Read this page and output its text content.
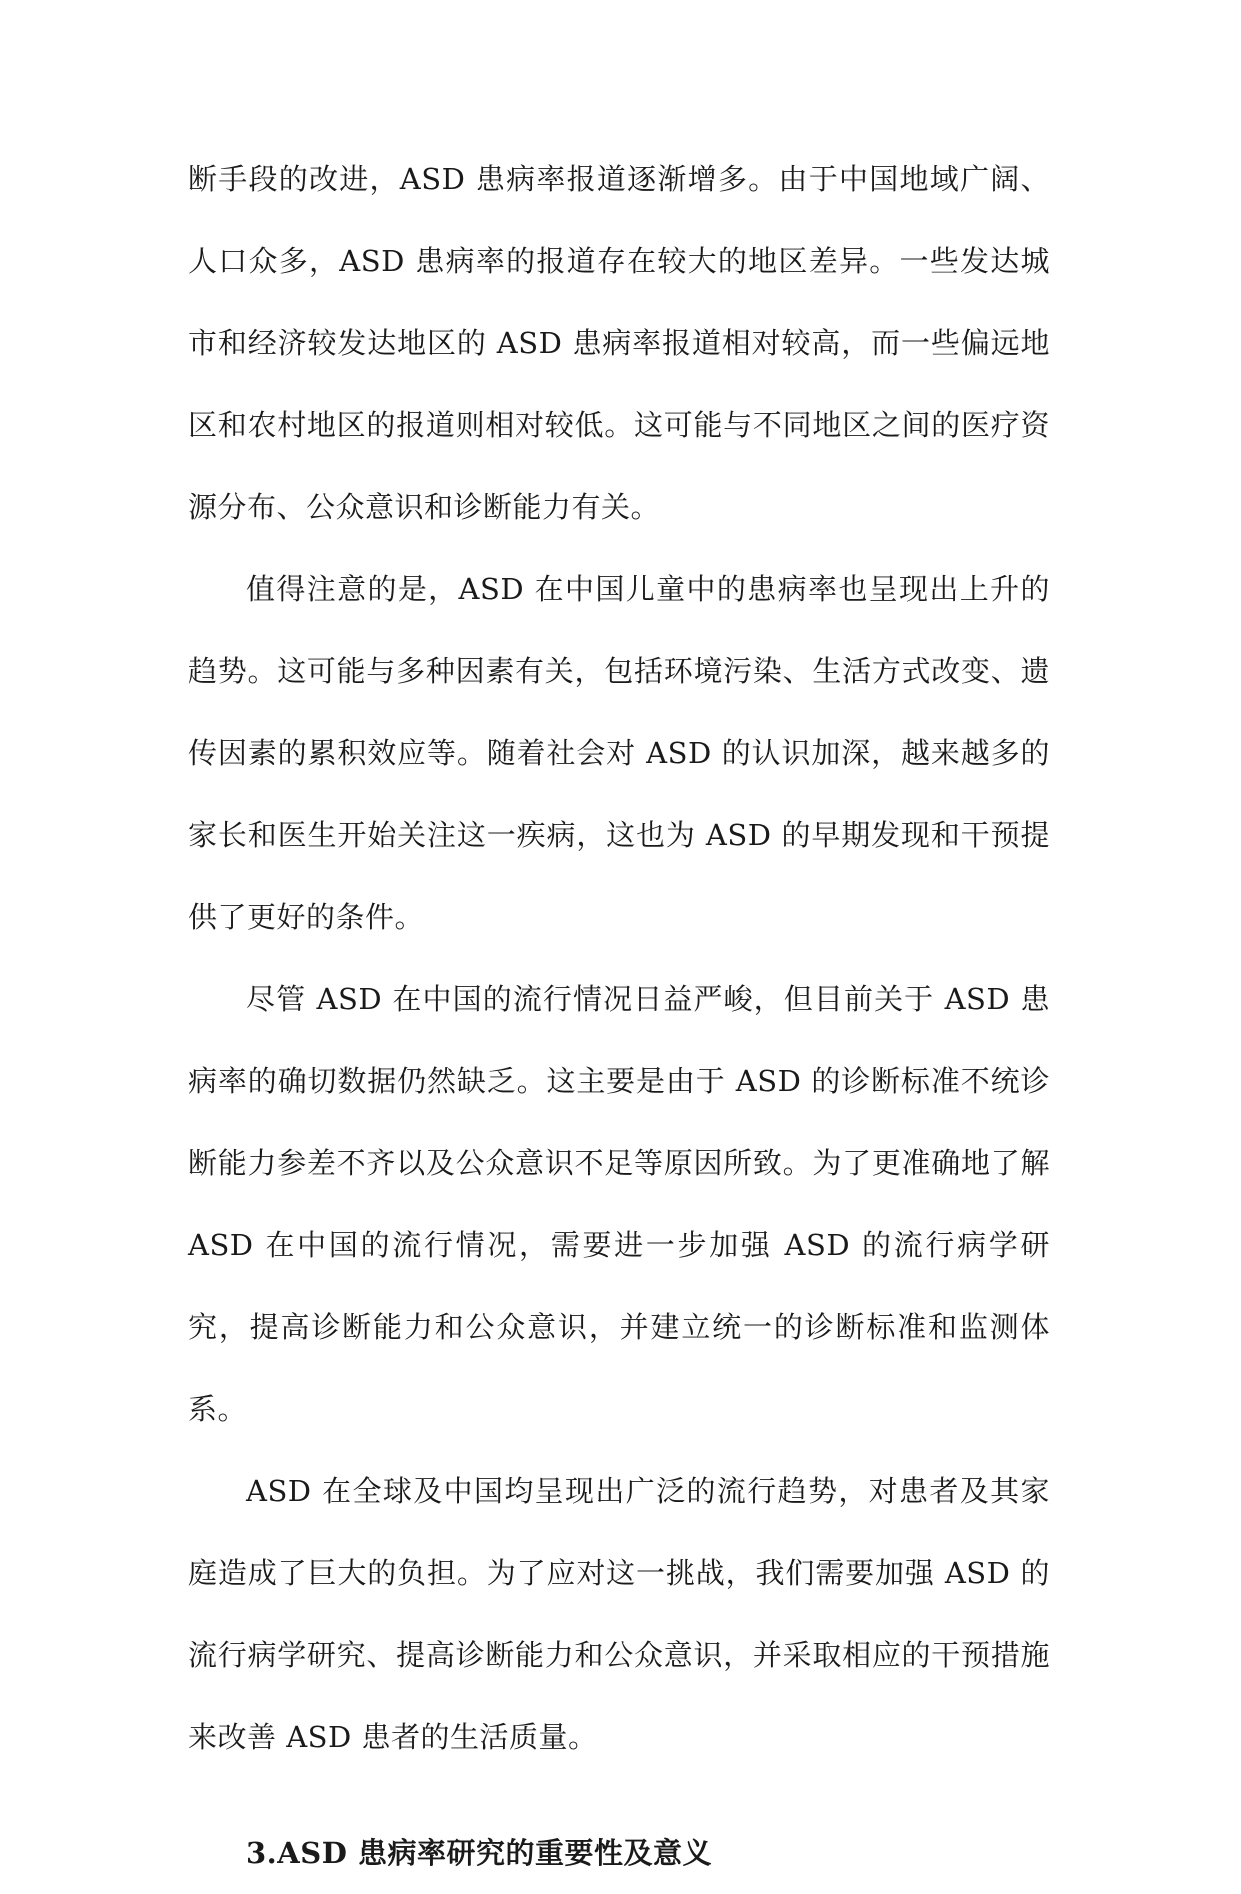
断手段的改进，ASD 患病率报道逐渐增多。由于中国地域广阔、人口众多，ASD 患病率的报道存在较大的地区差异。一些发达城市和经济较发达地区的 ASD 患病率报道相对较高，而一些偏远地区和农村地区的报道则相对较低。这可能与不同地区之间的医疗资源分布、公众意识和诊断能力有关。

值得注意的是，ASD 在中国儿童中的患病率也呈现出上升的趋势。这可能与多种因素有关，包括环境污染、生活方式改变、遗传因素的累积效应等。随着社会对 ASD 的认识加深，越来越多的家长和医生开始关注这一疾病，这也为 ASD 的早期发现和干预提供了更好的条件。

尽管 ASD 在中国的流行情况日益严峻，但目前关于 ASD 患病率的确切数据仍然缺乏。这主要是由于 ASD 的诊断标准不统诊断能力参差不齐以及公众意识不足等原因所致。为了更准确地了解 ASD 在中国的流行情况，需要进一步加强 ASD 的流行病学研究，提高诊断能力和公众意识，并建立统一的诊断标准和监测体系。

ASD 在全球及中国均呈现出广泛的流行趋势，对患者及其家庭造成了巨大的负担。为了应对这一挑战，我们需要加强 ASD 的流行病学研究、提高诊断能力和公众意识，并采取相应的干预措施来改善 ASD 患者的生活质量。

3.ASD 患病率研究的重要性及意义
